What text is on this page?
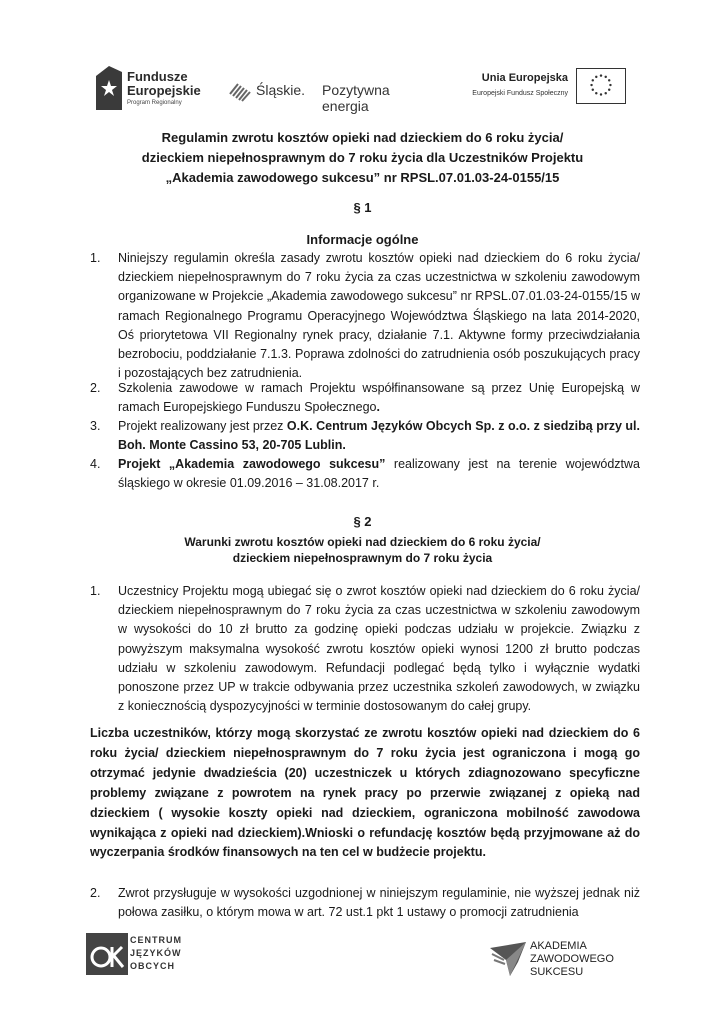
Fundusze
Europejskie
Program Regionalny
Śląskie. Pozytywna energia
Unia Europejska
Europejski Fundusz Społeczny
Regulamin zwrotu kosztów opieki nad dzieckiem do 6 roku życia/
dzieckiem niepełnosprawnym do 7 roku życia dla Uczestników Projektu
„Akademia zawodowego sukcesu” nr RPSL.07.01.03-24-0155/15
§ 1
Informacje ogólne
1.	Niniejszy regulamin określa zasady zwrotu kosztów opieki nad dzieckiem do 6 roku życia/ dzieckiem niepełnosprawnym do 7 roku życia za czas uczestnictwa w szkoleniu zawodowym organizowane w Projekcie „Akademia zawodowego sukcesu” nr RPSL.07.01.03-24-0155/15 w ramach Regionalnego Programu Operacyjnego Województwa Śląskiego na lata 2014-2020, Oś priorytetowa VII Regionalny rynek pracy, działanie 7.1. Aktywne formy przeciwdziałania bezrobociu, poddziałanie 7.1.3. Poprawa zdolności do zatrudnienia osób poszukujących pracy i pozostających bez zatrudnienia.
2.	Szkolenia zawodowe w ramach Projektu współfinansowane są przez Unię Europejską w ramach Europejskiego Funduszu Społecznego.
3.	Projekt realizowany jest przez O.K. Centrum Języków Obcych Sp. z o.o. z siedzibą przy ul. Boh. Monte Cassino 53, 20-705 Lublin.
4.	Projekt „Akademia zawodowego sukcesu” realizowany jest na terenie województwa śląskiego w okresie 01.09.2016 – 31.08.2017 r.
§ 2
Warunki zwrotu kosztów opieki nad dzieckiem do 6 roku życia/
dzieckiem niepełnosprawnym do 7 roku życia
1.	Uczestnicy Projektu mogą ubiegać się o zwrot kosztów opieki nad dzieckiem do 6 roku życia/ dzieckiem niepełnosprawnym do 7 roku życia za czas uczestnictwa w szkoleniu zawodowym w wysokości do 10 zł brutto za godzinę opieki podczas udziału w projekcie. Związku z powyższym maksymalna wysokość zwrotu kosztów opieki wynosi 1200 zł brutto podczas udziału w szkoleniu zawodowym. Refundacji podlegać będą tylko i wyłącznie wydatki ponoszone przez UP w trakcie odbywania przez uczestnika szkoleń zawodowych, w związku z koniecznością dyspozycyjności w terminie dostosowanym do całej grupy.
Liczba uczestników, którzy mogą skorzystać ze zwrotu kosztów opieki nad dzieckiem do 6 roku życia/ dzieckiem niepełnosprawnym do 7 roku życia jest ograniczona i mogą go otrzymać jedynie dwadzieścia (20) uczestniczek u których zdiagnozowano specyficzne problemy związane z powrotem na rynek pracy po przerwie związanej z opieką nad dzieckiem ( wysokie koszty opieki nad dzieckiem, ograniczona mobilność zawodowa wynikająca z opieki nad dzieckiem).Wnioski o refundację kosztów będą przyjmowane aż do wyczerpania środków finansowych na ten cel w budżecie projektu.
2.	Zwrot przysługuje w wysokości uzgodnionej w niniejszym regulaminie, nie wyższej jednak niż połowa zasiłku, o którym mowa w art. 72 ust.1 pkt 1 ustawy o promocji zatrudnienia
CENTRUM
JĘZYKÓW
OBCYCH
AKADEMIA
ZAWODOWEGO
SUKCESU
